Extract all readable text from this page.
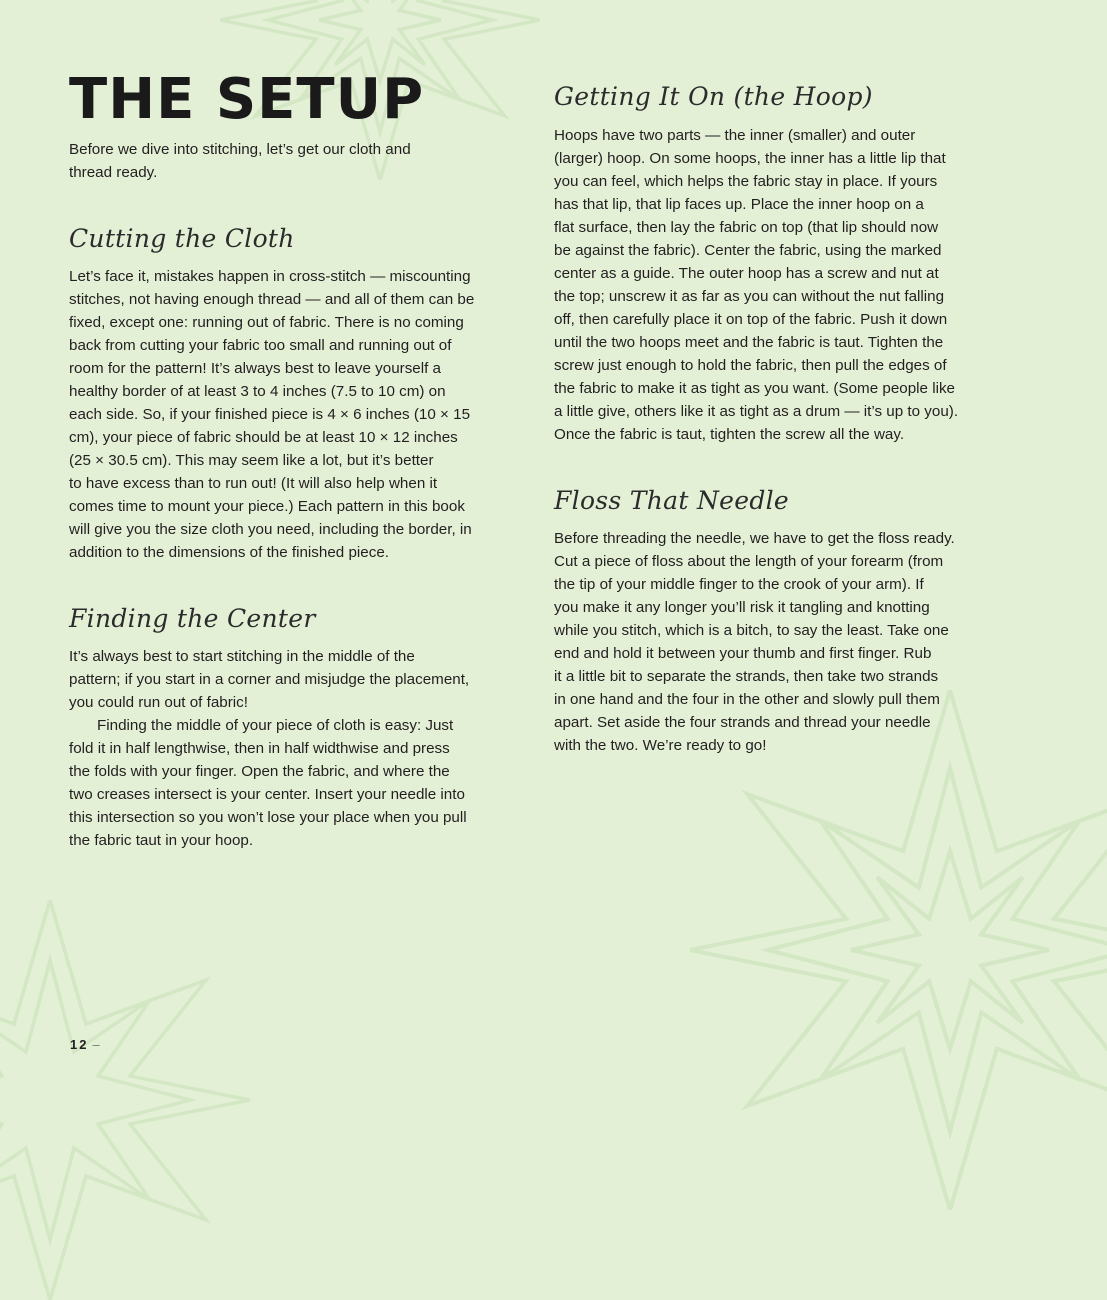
THE SETUP

Before we dive into stitching, let’s get our cloth and
thread ready.

Cutting the Cloth

Let’s face it, mistakes happen in cross-stitch — miscounting
stitches, not having enough thread — and all of them can be
fixed, except one: running out of fabric. There is no coming
back from cutting your fabric too small and running out of
room for the pattern! It’s always best to leave yourself a
healthy border of at least 3 to 4 inches (7.5 to 10 cm) on
each side. So, if your finished piece is 4 × 6 inches (10 × 15
cm), your piece of fabric should be at least 10 × 12 inches
(25 × 30.5 cm). This may seem like a lot, but it’s better
to have excess than to run out! (It will also help when it
comes time to mount your piece.) Each pattern in this book
will give you the size cloth you need, including the border, in
addition to the dimensions of the finished piece.

Finding the Center

It’s always best to start stitching in the middle of the
pattern; if you start in a corner and misjudge the placement,
you could run out of fabric!

Finding the middle of your piece of cloth is easy: Just
fold it in half lengthwise, then in half widthwise and press
the folds with your finger. Open the fabric, and where the
two creases intersect is your center. Insert your needle into
this intersection so you won’t lose your place when you pull
the fabric taut in your hoop.

Getting It On (the Hoop)

Hoops have two parts — the inner (smaller) and outer
(larger) hoop. On some hoops, the inner has a little lip that
you can feel, which helps the fabric stay in place. If yours
has that lip, that lip faces up. Place the inner hoop on a
flat surface, then lay the fabric on top (that lip should now
be against the fabric). Center the fabric, using the marked
center as a guide. The outer hoop has a screw and nut at
the top; unscrew it as far as you can without the nut falling
off, then carefully place it on top of the fabric. Push it down
until the two hoops meet and the fabric is taut. Tighten the
screw just enough to hold the fabric, then pull the edges of
the fabric to make it as tight as you want. (Some people like
a little give, others like it as tight as a drum — it’s up to you).
Once the fabric is taut, tighten the screw all the way.

Floss That Needle

Before threading the needle, we have to get the floss ready.
Cut a piece of floss about the length of your forearm (from
the tip of your middle finger to the crook of your arm). If
you make it any longer you’ll risk it tangling and knotting
while you stitch, which is a bitch, to say the least. Take one
end and hold it between your thumb and first finger. Rub
it a little bit to separate the strands, then take two strands
in one hand and the four in the other and slowly pull them
apart. Set aside the four strands and thread your needle
with the two. We’re ready to go!

12 –
